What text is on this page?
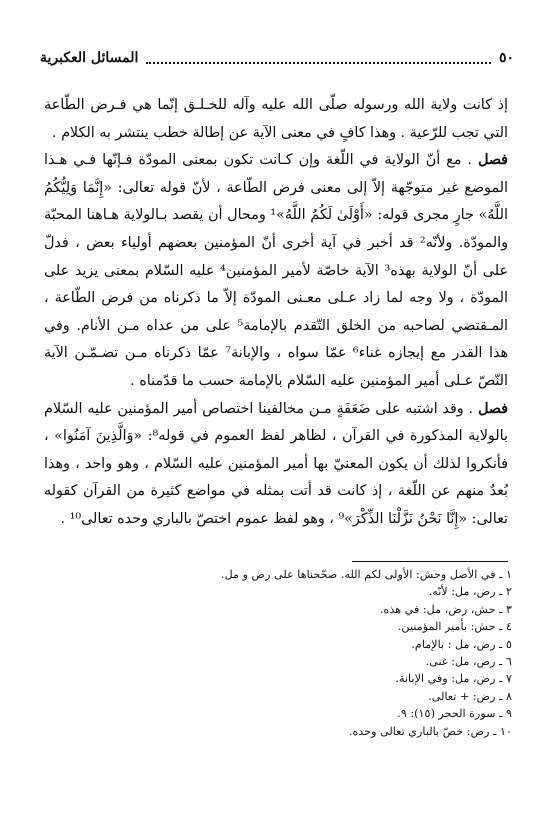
٥٠
المسائل العكبرية

إذ كانت ولاية الله ورسوله صلّى الله عليه وآله للخـلـق إنّما هي فـرض الطّاعة التي تجب للرّعية . وهذا كافٍ في معنى الآية عن إطالة خطب ينتشر به الكلام .

فصل . مع أنّ الولاية في اللّغة وإن كـانت تكون بمعنى المودّة فـإنّها فـي هـذا الموضع غير متوجّهة إلاّ إلى معنى فرض الطّاعة ، لأنّ قوله تعالى: «إِنَّمَا وَلِيُّكُمُ اللَّهُ» جارٍ مجرى قوله: «أَوْلَىٰ لَكُمُ اللَّهُ»¹ ومحال أن يقصد بـالولاية هـاهنا المحبّة والمودّة. ولأنّه² قد أخبر في آية أخرى أنّ المؤمنين بعضهم أولياء بعض ، فدلّ على أنّ الولاية بهذه³ الآية خاصّة لأمير المؤمنين⁴ عليه السّلام بمعنى يزيد على المودّة ، ولا وجه لما زاد عـلى معـنى المودّة إلاّ ما ذكرناه من فرض الطّاعة ، المـقتضي لصاحبه من الخلق التّقدم بالإمامة⁵ على من عداه مـن الأنام. وفي هذا القدر مع إيجازه غناء⁶ عمّا سواه ، والإبانة⁷ عمّا ذكرناه مـن تضـمّـن الآية النّصّ عـلى أمير المؤمنين عليه السّلام بالإمامة حسب ما قدّمناه .

فصل . وقد اشتبه على ضَعَفَةٍ مـن مخالفينا اختصاص أمير المؤمنين عليه السّلام بالولاية المذكورة في القرآن ، لظاهر لفظ العموم في قوله⁸: «وَالَّذِينَ آمَنُوا» ، فأنكروا لذلك أن يكون المعنيّ بها أمير المؤمنين عليه السّلام ، وهو واحد ، وهذا بُعدٌ منهم عن اللّغة ، إذ كانت قد أتت بمثله في مواضع كثيرة من القرآن كقوله تعالى: «إِنَّا نَحْنُ نَزَّلْنَا الذِّكْرَ»⁹ ، وهو لفظ عموم اختصّ بالباري وحده تعالى¹⁰ .

١ ـ في الأصل وحش: الأولى لكم الله. صحّحناها على رض و مل.
٢ ـ رض، مل: لأنّه.
٣ ـ حش، رض، مل: في هذه.
٤ ـ حش: بأمير المؤمنين.
٥ ـ رض، مل : بالإمام.
٦ ـ رض، مل: غنى.
٧ ـ رض، مل: وفي الإبانة.
٨ ـ رض: + تعالى.
٩ ـ سورة الحجر (١٥): ٩.
١٠ ـ رض: خصّ بالباري تعالى وحده.
